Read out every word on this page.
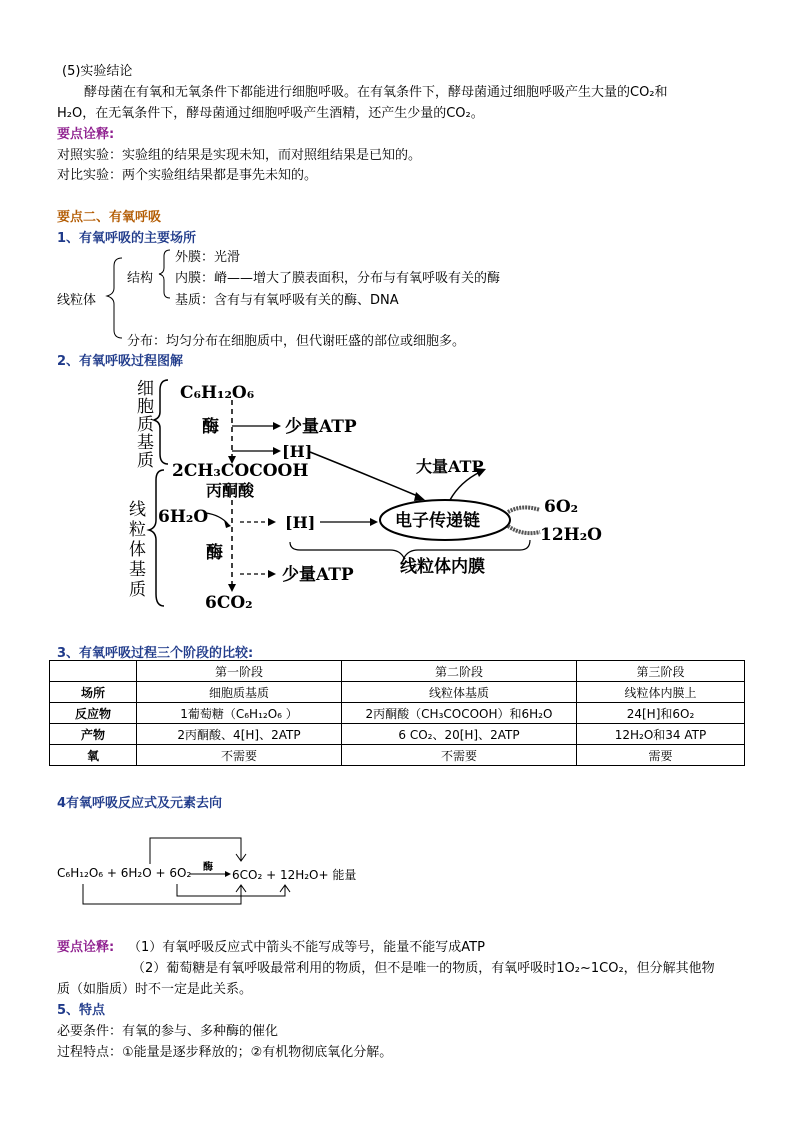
(5)实验结论
酵母菌在有氧和无氧条件下都能进行细胞呼吸。在有氧条件下，酵母菌通过细胞呼吸产生大量的CO₂和
H₂O，在无氧条件下，酵母菌通过细胞呼吸产生酒精，还产生少量的CO₂。
要点诠释:
对照实验：实验组的结果是实现未知，而对照组结果是已知的。
对比实验：两个实验组结果都是事先未知的。
要点二、有氧呼吸
1、有氧呼吸的主要场所
线粒体
结构
外膜：光滑
内膜：嵴——增大了膜表面积，分布与有氧呼吸有关的酶
基质：含有与有氧呼吸有关的酶、DNA
分布：均匀分布在细胞质中，但代谢旺盛的部位或细胞多。
2、有氧呼吸过程图解
细
胞
质
基
质
线
粒
体
基
质
C₆H₁₂O₆
酶	少量ATP
[H]
2CH₃COCOOH
丙酮酸
6H₂O	[H]
酶
少量ATP
6CO₂
大量ATP
电子传递链
6O₂
12H₂O
线粒体内膜
3、有氧呼吸过程三个阶段的比较:
	第一阶段	第二阶段	第三阶段
场所	细胞质基质	线粒体基质	线粒体内膜上
反应物	1葡萄糖（C₆H₁₂O₆ ）	2丙酮酸（CH₃COCOOH）和6H₂O	24[H]和6O₂
产物	2丙酮酸、4[H]、2ATP	6 CO₂、20[H]、2ATP	12H₂O和34 ATP
氧	不需要	不需要	需要
4有氧呼吸反应式及元素去向
酶
C₆H₁₂O₆ + 6H₂O + 6O₂	6CO₂ + 12H₂O+ 能量
要点诠释: （1）有氧呼吸反应式中箭头不能写成等号，能量不能写成ATP
（2）葡萄糖是有氧呼吸最常利用的物质，但不是唯一的物质，有氧呼吸时1O₂~1CO₂，但分解其他物
质（如脂质）时不一定是此关系。
5、特点
必要条件：有氧的参与、多种酶的催化
过程特点：①能量是逐步释放的；②有机物彻底氧化分解。
